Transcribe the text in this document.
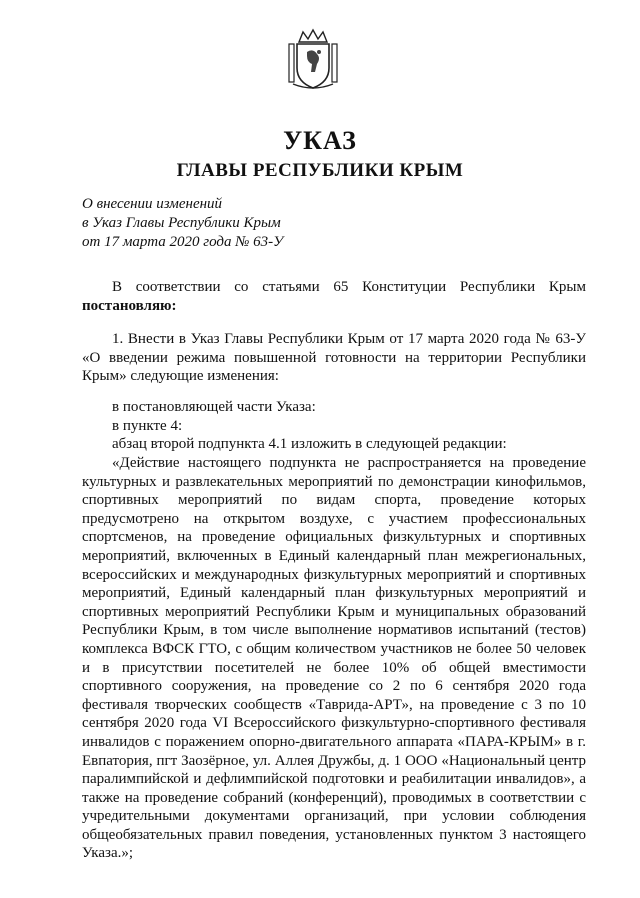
УКАЗ
ГЛАВЫ РЕСПУБЛИКИ КРЫМ
О внесении изменений
в Указ Главы Республики Крым
от 17 марта 2020 года № 63-У
В соответствии со статьями 65 Конституции Республики Крым постановляю:
1. Внести в Указ Главы Республики Крым от 17 марта 2020 года № 63-У «О введении режима повышенной готовности на территории Республики Крым» следующие изменения:
в постановляющей части Указа:
в пункте 4:
абзац второй подпункта 4.1 изложить в следующей редакции:
«Действие настоящего подпункта не распространяется на проведение культурных и развлекательных мероприятий по демонстрации кинофильмов, спортивных мероприятий по видам спорта, проведение которых предусмотрено на открытом воздухе, с участием профессиональных спортсменов, на проведение официальных физкультурных и спортивных мероприятий, включенных в Единый календарный план межрегиональных, всероссийских и международных физкультурных мероприятий и спортивных мероприятий, Единый календарный план физкультурных мероприятий и спортивных мероприятий Республики Крым и муниципальных образований Республики Крым, в том числе выполнение нормативов испытаний (тестов) комплекса ВФСК ГТО, с общим количеством участников не более 50 человек и в присутствии посетителей не более 10% об общей вместимости спортивного сооружения, на проведение со 2 по 6 сентября 2020 года фестиваля творческих сообществ «Таврида-АРТ», на проведение с 3 по 10 сентября 2020 года VI Всероссийского физкультурно-спортивного фестиваля инвалидов с поражением опорно-двигательного аппарата «ПАРА-КРЫМ» в г. Евпатория, пгт Заозёрное, ул. Аллея Дружбы, д. 1 ООО «Национальный центр паралимпийской и дефлимпийской подготовки и реабилитации инвалидов», а также на проведение собраний (конференций), проводимых в соответствии с учредительными документами организаций, при условии соблюдения общеобязательных правил поведения, установленных пунктом 3 настоящего Указа.»;
